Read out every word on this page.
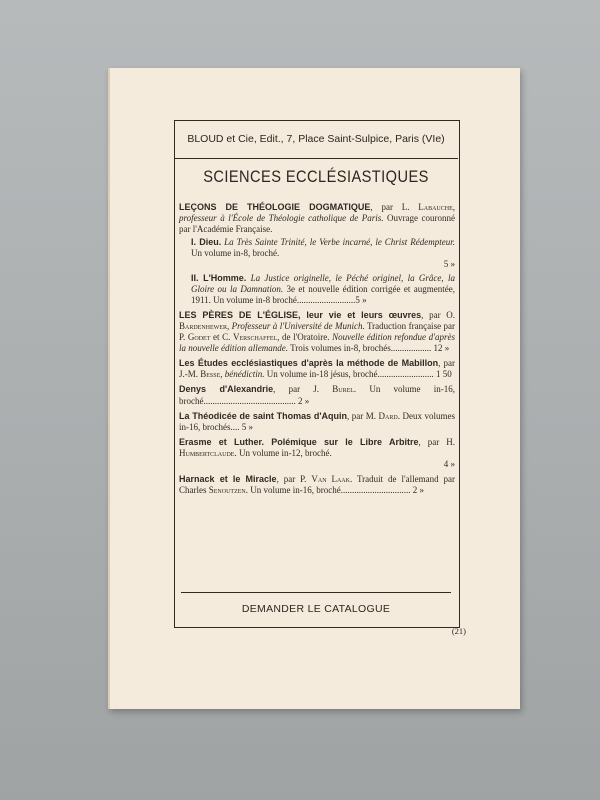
BLOUD et Cie, Edit., 7, Place Saint-Sulpice, Paris (VIe)
SCIENCES ECCLÉSIASTIQUES
LEÇONS DE THÉOLOGIE DOGMATIQUE, par L. Labauche, professeur à l'École de Théologie catholique de Paris. Ouvrage couronné par l'Académie Française.
I. Dieu. La Très Sainte Trinité, le Verbe incarné, le Christ Rédempteur. Un volume in-8, broché.
5 »
II. L'Homme. La Justice originelle, le Péché originel, la Grâce, la Gloire ou la Damnation. 3e et nouvelle édition corrigée et augmentée, 1911. Un volume in-8 broché..........................5 »
LES PÈRES DE L'ÉGLISE, leur vie et leurs œuvres, par O. Bardenhewer, Professeur à l'Université de Munich. Traduction française par P. Godet et C. Verschaffel, de l'Oratoire. Nouvelle édition refondue d'après la nouvelle édition allemande. Trois volumes in-8, brochés.................. 12 »
Les Études ecclésiastiques d'après la méthode de Mabillon, par J.-M. Besse, bénédictin. Un volume in-18 jésus, broché......................... 1 50
Denys d'Alexandrie, par J. Burel. Un volume in-16, broché......................................... 2 »
La Théodicée de saint Thomas d'Aquin, par M. Dard. Deux volumes in-16, brochés.... 5 »
Erasme et Luther. Polémique sur le Libre Arbitre, par H. Humbertclaude. Un volume in-12, broché.
4 »
Harnack et le Miracle, par P. Van Laak. Traduit de l'allemand par Charles Senoutzen. Un volume in-16, broché............................... 2 »
DEMANDER LE CATALOGUE
(21)
